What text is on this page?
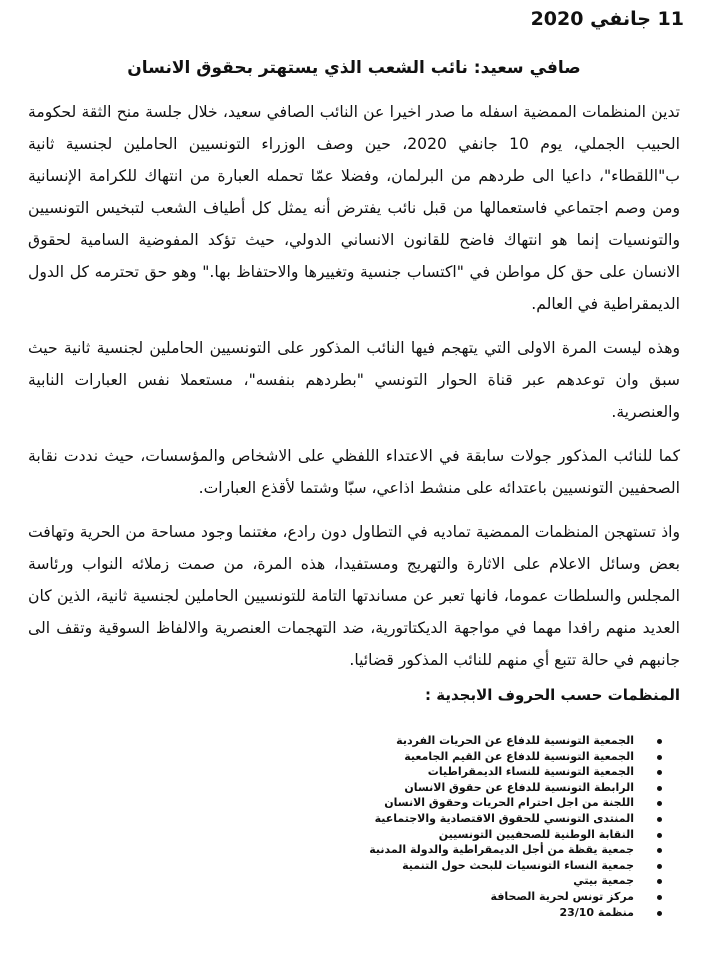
11 جانفي 2020
صافي سعيد: نائب الشعب الذي يستهتر بحقوق الانسان

تدين المنظمات الممضية اسفله ما صدر اخيرا عن النائب الصافي سعيد، خلال جلسة منح الثقة لحكومة الحبيب الجملي، يوم 10 جانفي 2020، حين وصف الوزراء التونسيين الحاملين لجنسية ثانية ب"اللقطاء"، داعيا الى طردهم من البرلمان، وفضلا عمّا تحمله العبارة من انتهاك للكرامة الإنسانية ومن وصم اجتماعي فاستعمالها من قبل نائب يفترض أنه يمثل كل أطياف الشعب لتبخيس التونسيين والتونسيات إنما هو انتهاك فاضح للقانون الانساني الدولي، حيث تؤكد المفوضية السامية لحقوق الانسان على حق كل مواطن في "اكتساب جنسية وتغييرها والاحتفاظ بها." وهو حق تحترمه كل الدول الديمقراطية في العالم.

وهذه ليست المرة الاولى التي يتهجم فيها النائب المذكور على التونسيين الحاملين لجنسية ثانية حيث سبق وان توعدهم عبر قناة الحوار التونسي "بطردهم بنفسه"، مستعملا نفس العبارات النابية والعنصرية.

كما للنائب المذكور جولات سابقة في الاعتداء اللفظي على الاشخاص والمؤسسات، حيث نددت نقابة الصحفيين التونسيين باعتدائه على منشط اذاعي، سبّا وشتما لأقذع العبارات.

واذ تستهجن المنظمات الممضية تماديه في التطاول دون رادع، مغتنما وجود مساحة من الحرية وتهافت بعض وسائل الاعلام على الاثارة والتهريج ومستفيدا، هذه المرة، من صمت زملائه النواب ورئاسة المجلس والسلطات عموما، فانها تعبر عن مساندتها التامة للتونسيين الحاملين لجنسية ثانية، الذين كان العديد منهم رافدا مهما في مواجهة الديكتاتورية، ضد التهجمات العنصرية والالفاظ السوقية وتقف الى جانبهم في حالة تتبع أي منهم للنائب المذكور قضائيا.

المنظمات حسب الحروف الابجدية :
الجمعية التونسية للدفاع عن الحريات الفردية
الجمعية التونسية للدفاع عن القيم الجامعية
الجمعية التونسية للنساء الديمقراطيات
الرابطة التونسية للدفاع عن حقوق الانسان
اللجنة من اجل احترام الحريات وحقوق الانسان
المنتدى التونسي للحقوق الاقتصادية والاجتماعية
النقابة الوطنية للصحفيين التونسيين
جمعية يقظة من أجل الديمقراطية والدولة المدنية
جمعية النساء التونسيات للبحث حول التنمية
جمعية بيتي
مركز تونس لحرية الصحافة
منظمة 23/10
